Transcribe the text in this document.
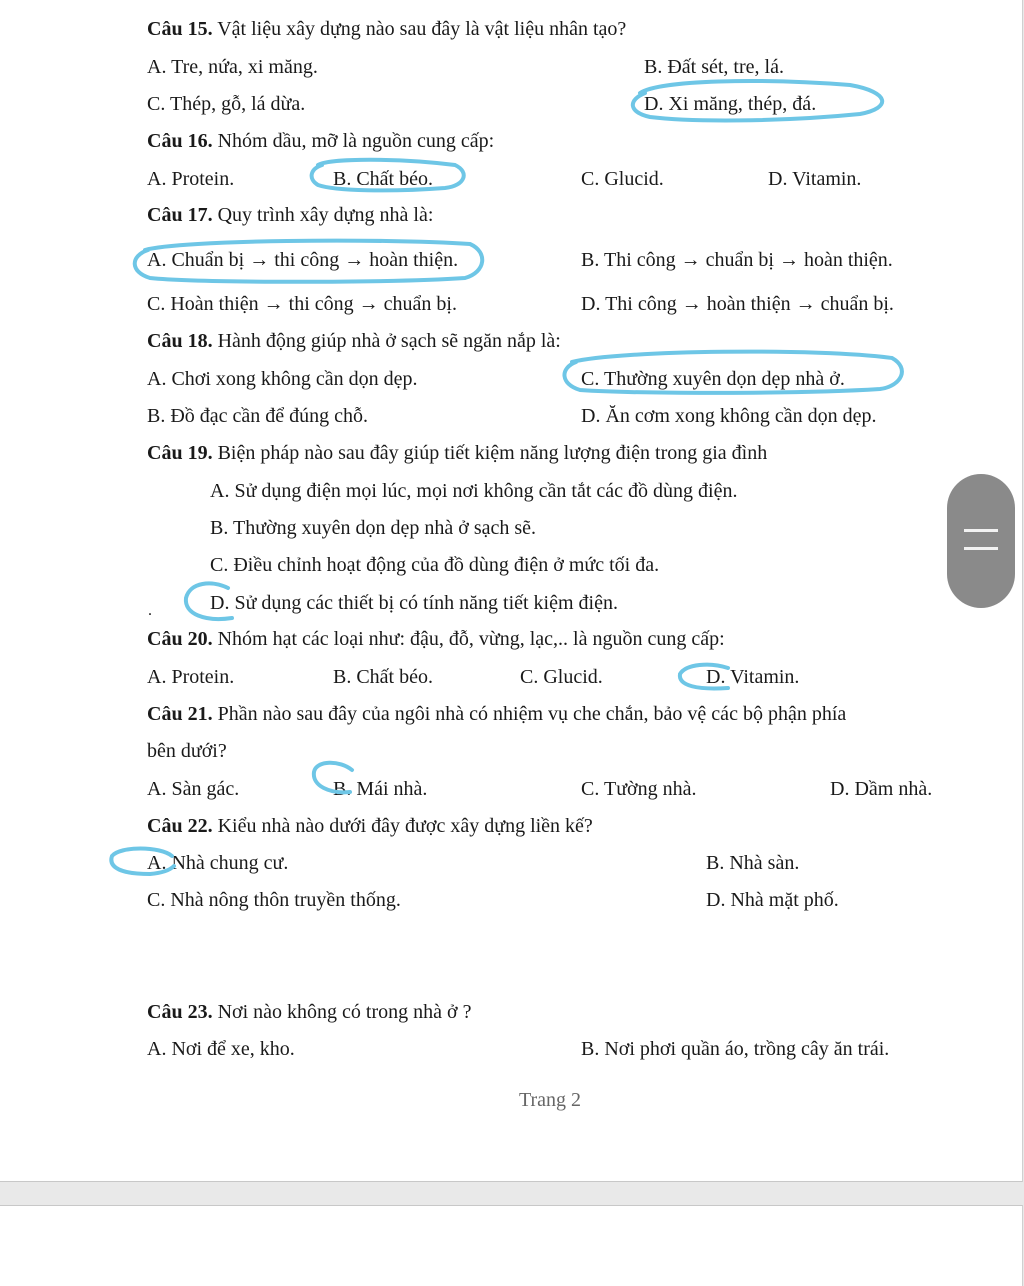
Câu 15. Vật liệu xây dựng nào sau đây là vật liệu nhân tạo?
A. Tre, nứa, xi măng.	B. Đất sét, tre, lá.
C. Thép, gỗ, lá dừa.	D. Xi măng, thép, đá.
Câu 16. Nhóm dầu, mỡ là nguồn cung cấp:
A. Protein.	B. Chất béo.	C. Glucid.	D. Vitamin.
Câu 17. Quy trình xây dựng nhà là:
A. Chuẩn bị → thi công → hoàn thiện.	B. Thi công → chuẩn bị → hoàn thiện.
C. Hoàn thiện → thi công → chuẩn bị.	D. Thi công → hoàn thiện → chuẩn bị.
Câu 18. Hành động giúp nhà ở sạch sẽ ngăn nắp là:
A. Chơi xong không cần dọn dẹp.	C. Thường xuyên dọn dẹp nhà ở.
B. Đồ đạc cần để đúng chỗ.	D. Ăn cơm xong không cần dọn dẹp.
Câu 19. Biện pháp nào sau đây giúp tiết kiệm năng lượng điện trong gia đình
A. Sử dụng điện mọi lúc, mọi nơi không cần tắt các đồ dùng điện.
B. Thường xuyên dọn dẹp nhà ở sạch sẽ.
C. Điều chỉnh hoạt động của đồ dùng điện ở mức tối đa.
.	D. Sử dụng các thiết bị có tính năng tiết kiệm điện.
Câu 20. Nhóm hạt các loại như: đậu, đỗ, vừng, lạc,.. là nguồn cung cấp:
A. Protein.	B. Chất béo.	C. Glucid.	D. Vitamin.
Câu 21. Phần nào sau đây của ngôi nhà có nhiệm vụ che chắn, bảo vệ các bộ phận phía
bên dưới?
A. Sàn gác.	B. Mái nhà.	C. Tường nhà.	D. Dầm nhà.
Câu 22. Kiểu nhà nào dưới đây được xây dựng liền kế?
A. Nhà chung cư.	B. Nhà sàn.
C. Nhà nông thôn truyền thống.	D. Nhà mặt phố.
Câu 23. Nơi nào không có trong nhà ở ?
A. Nơi để xe, kho.	B. Nơi phơi quần áo, trồng cây ăn trái.
Trang 2
